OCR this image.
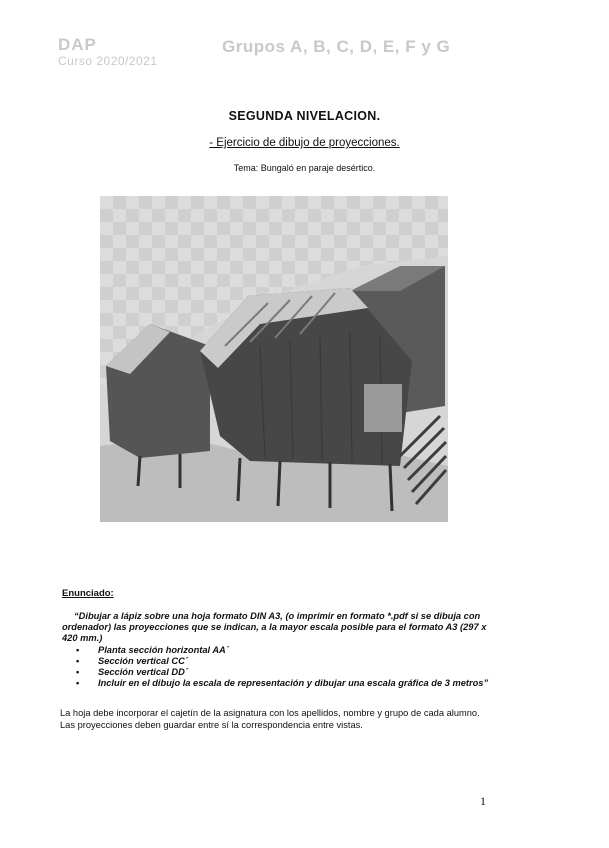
DAP
Curso 2020/2021
Grupos A, B, C, D, E, F y G
SEGUNDA NIVELACION.
- Ejercicio de dibujo de proyecciones.
Tema: Bungaló en paraje desértico.
Enunciado:
“Dibujar a lápiz sobre una hoja formato DIN A3, (o imprimir en formato *.pdf si se dibuja con ordenador) las proyecciones que se indican, a la mayor escala posible para el formato A3 (297 x 420 mm.)
• Planta sección horizontal AA´
• Sección vertical CC´
• Sección vertical DD´
• Incluir en el dibujo la escala de representación y dibujar una escala gráfica de 3 metros”
La hoja debe incorporar el cajetín de la asignatura con los apellidos, nombre y grupo de cada alumno. Las proyecciones deben guardar entre sí la correspondencia entre vistas.
1
